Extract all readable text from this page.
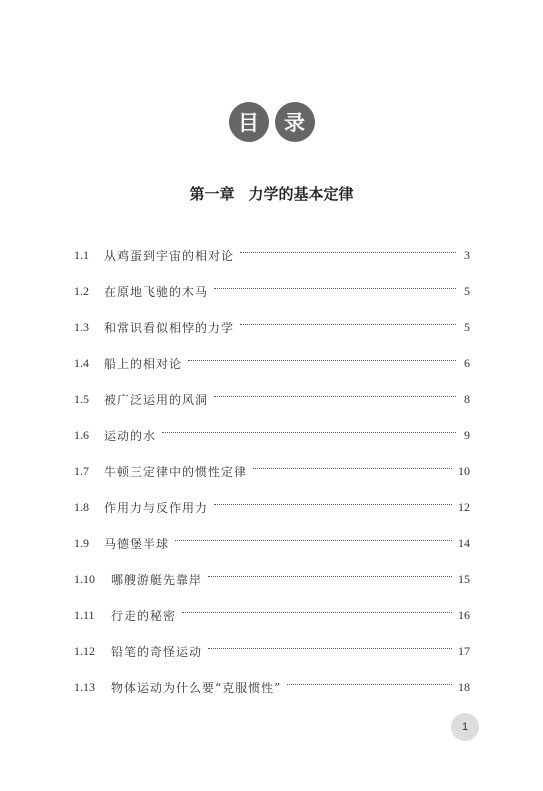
目	录
第一章 力学的基本定律
1.1	从鸡蛋到宇宙的相对论	3
1.2	在原地飞驰的木马	5
1.3	和常识看似相悖的力学	5
1.4	船上的相对论	6
1.5	被广泛运用的风洞	8
1.6	运动的水	9
1.7	牛顿三定律中的惯性定律	10
1.8	作用力与反作用力	12
1.9	马德堡半球	14
1.10	哪艘游艇先靠岸	15
1.11	行走的秘密	16
1.12	铅笔的奇怪运动	17
1.13	物体运动为什么要“克服惯性”	18
1
